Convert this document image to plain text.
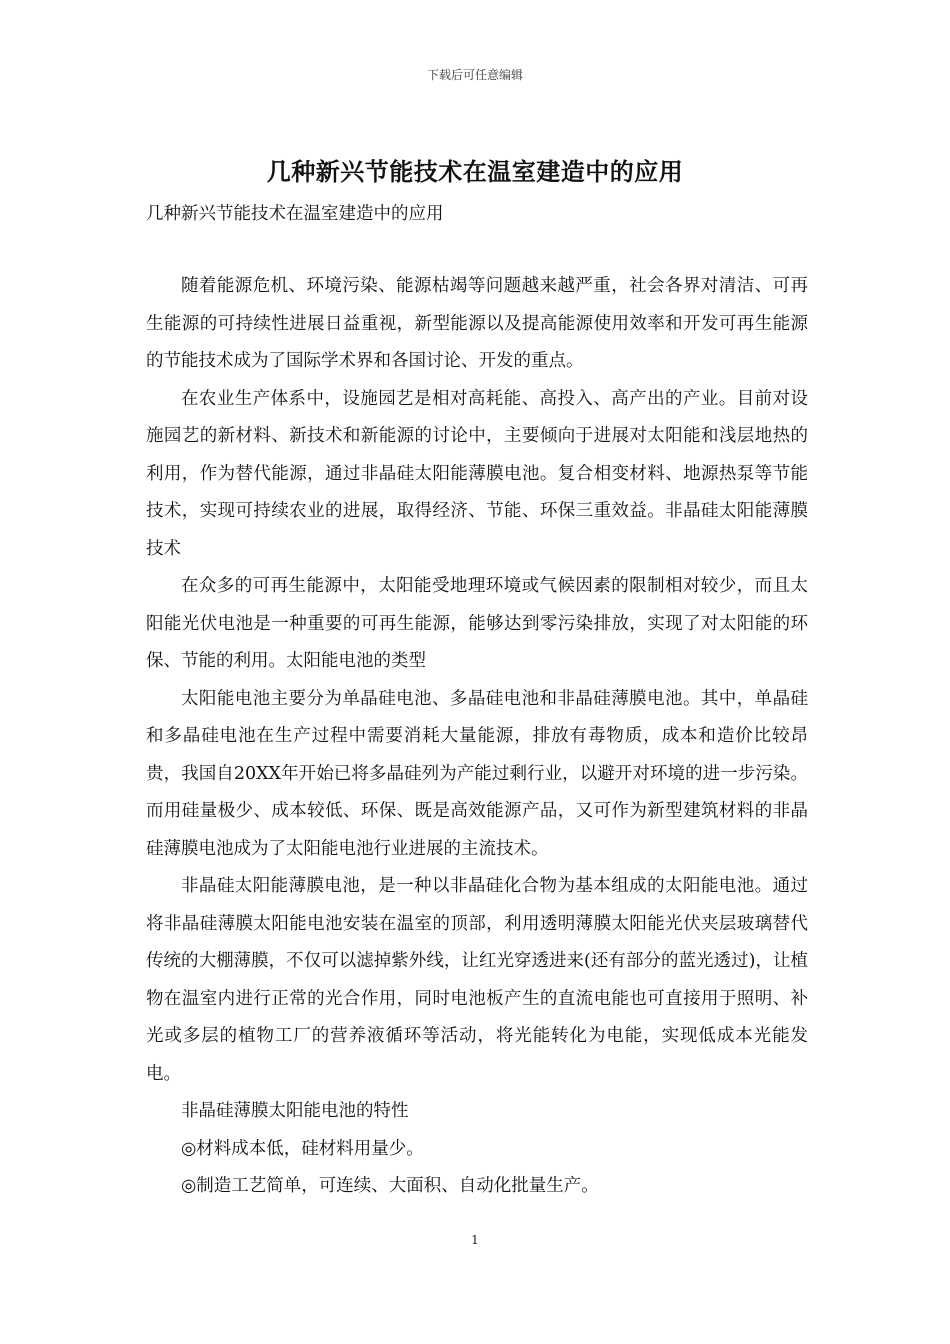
下载后可任意编辑
几种新兴节能技术在温室建造中的应用
几种新兴节能技术在温室建造中的应用

随着能源危机、环境污染、能源枯竭等问题越来越严重，社会各界对清洁、可再生能源的可持续性进展日益重视，新型能源以及提高能源使用效率和开发可再生能源的节能技术成为了国际学术界和各国讨论、开发的重点。

在农业生产体系中，设施园艺是相对高耗能、高投入、高产出的产业。目前对设施园艺的新材料、新技术和新能源的讨论中，主要倾向于进展对太阳能和浅层地热的利用，作为替代能源，通过非晶硅太阳能薄膜电池。复合相变材料、地源热泵等节能技术，实现可持续农业的进展，取得经济、节能、环保三重效益。非晶硅太阳能薄膜技术

在众多的可再生能源中，太阳能受地理环境或气候因素的限制相对较少，而且太阳能光伏电池是一种重要的可再生能源，能够达到零污染排放，实现了对太阳能的环保、节能的利用。太阳能电池的类型

太阳能电池主要分为单晶硅电池、多晶硅电池和非晶硅薄膜电池。其中，单晶硅和多晶硅电池在生产过程中需要消耗大量能源，排放有毒物质，成本和造价比较昂贵，我国自20XX年开始已将多晶硅列为产能过剩行业，以避开对环境的进一步污染。而用硅量极少、成本较低、环保、既是高效能源产品，又可作为新型建筑材料的非晶硅薄膜电池成为了太阳能电池行业进展的主流技术。

非晶硅太阳能薄膜电池，是一种以非晶硅化合物为基本组成的太阳能电池。通过将非晶硅薄膜太阳能电池安装在温室的顶部，利用透明薄膜太阳能光伏夹层玻璃替代传统的大棚薄膜，不仅可以滤掉紫外线，让红光穿透进来(还有部分的蓝光透过)，让植物在温室内进行正常的光合作用，同时电池板产生的直流电能也可直接用于照明、补光或多层的植物工厂的营养液循环等活动，将光能转化为电能，实现低成本光能发电。

非晶硅薄膜太阳能电池的特性

◎材料成本低，硅材料用量少。

◎制造工艺简单，可连续、大面积、自动化批量生产。

1
